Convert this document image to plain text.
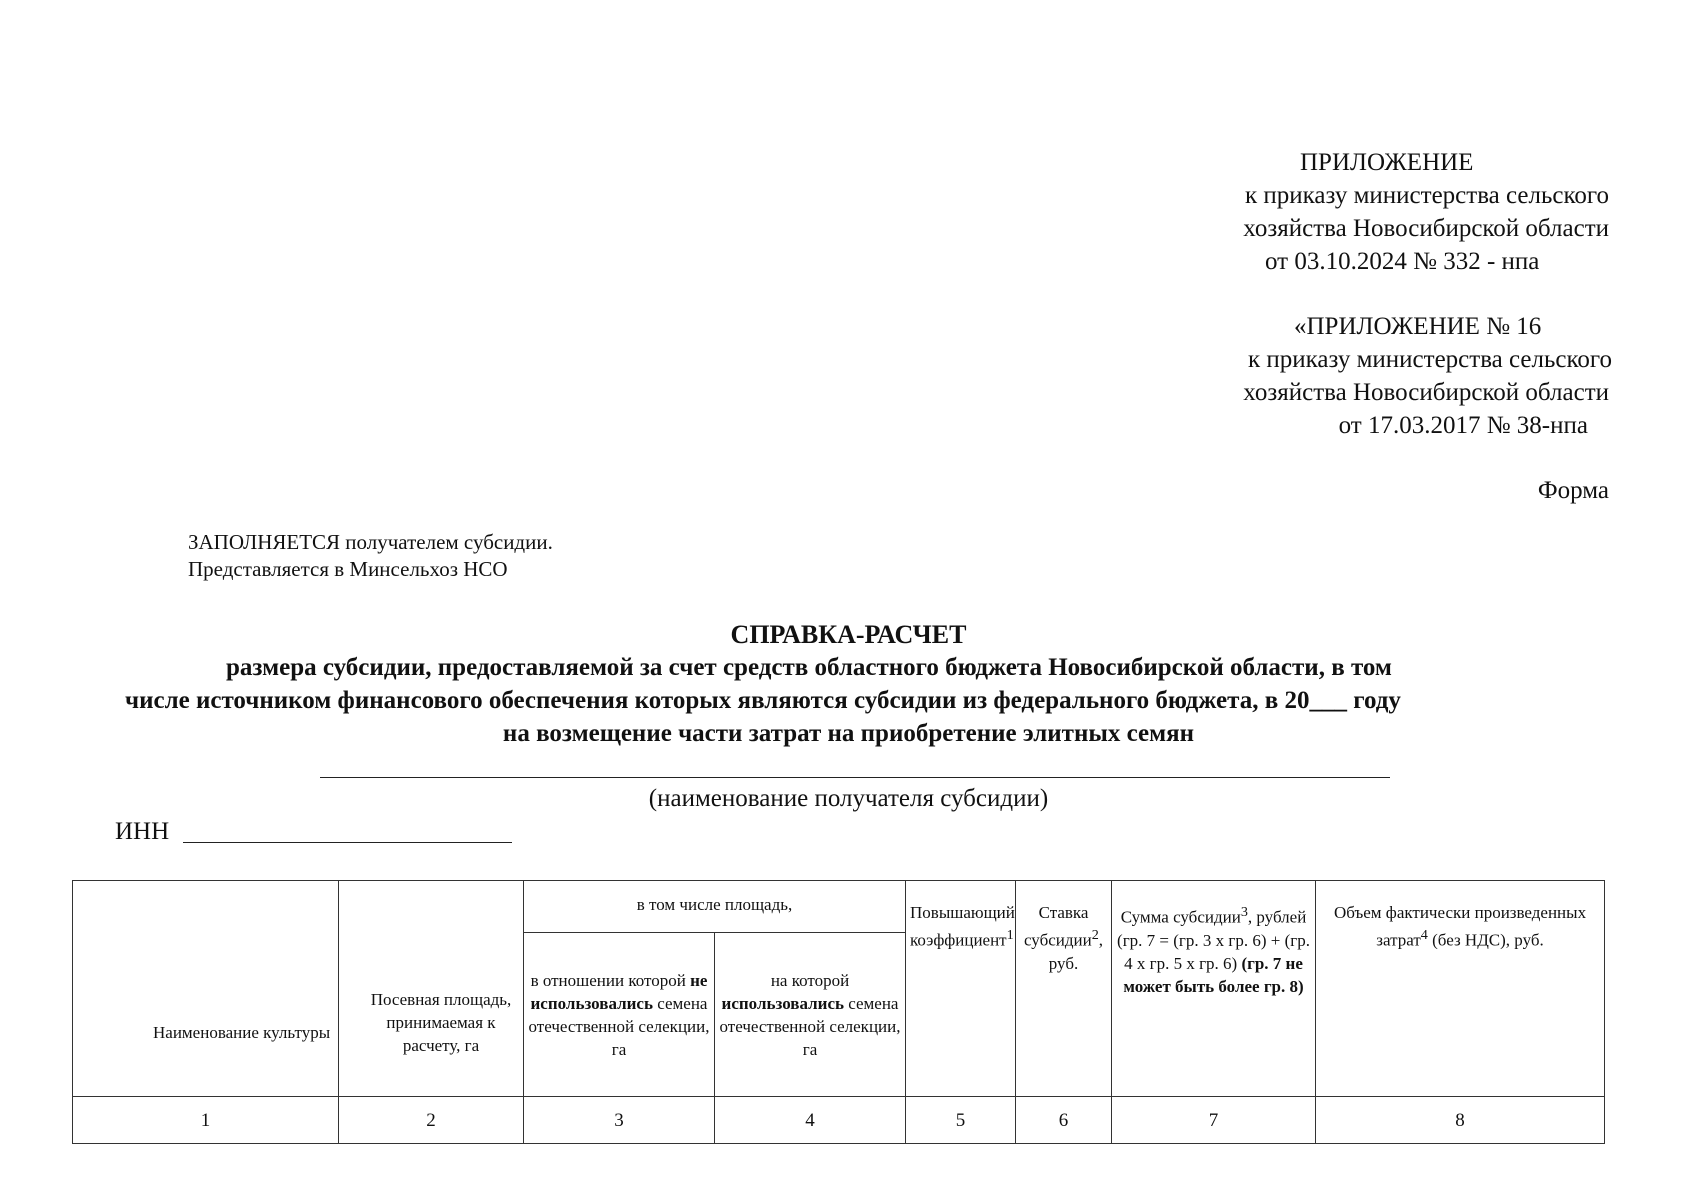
ПРИЛОЖЕНИЕ
к приказу министерства сельского
хозяйства Новосибирской области
от 03.10.2024 № 332 - нпа
«ПРИЛОЖЕНИЕ № 16
к приказу министерства сельского
хозяйства Новосибирской области
от 17.03.2017 № 38-нпа
Форма
ЗАПОЛНЯЕТСЯ получателем субсидии.
Представляется в Минсельхоз НСО
СПРАВКА-РАСЧЕТ
размера субсидии, предоставляемой за счет средств областного бюджета Новосибирской области, в том
числе источником финансового обеспечения которых являются субсидии из федерального бюджета, в 20___ году
на возмещение части затрат на приобретение элитных семян
(наименование получателя субсидии)
ИНН
Наименование культуры	Посевная площадь, принимаемая к расчету, га	в том числе площадь,		Повышающий коэффициент$^1$	Ставка субсидии$^2$, руб.	Сумма субсидии$^3$, рублей (гр. 7 = (гр. 3 х гр. 6) + (гр. 4 х гр. 5 х гр. 6) (гр. 7 не может быть более гр. 8)	Объем фактически произведенных затрат$^4$ (без НДС), руб.
		в отношении которой не использовались семена отечественной селекции, га	на которой использовались семена отечественной селекции, га				
1	2	3	4	5	6	7	8
